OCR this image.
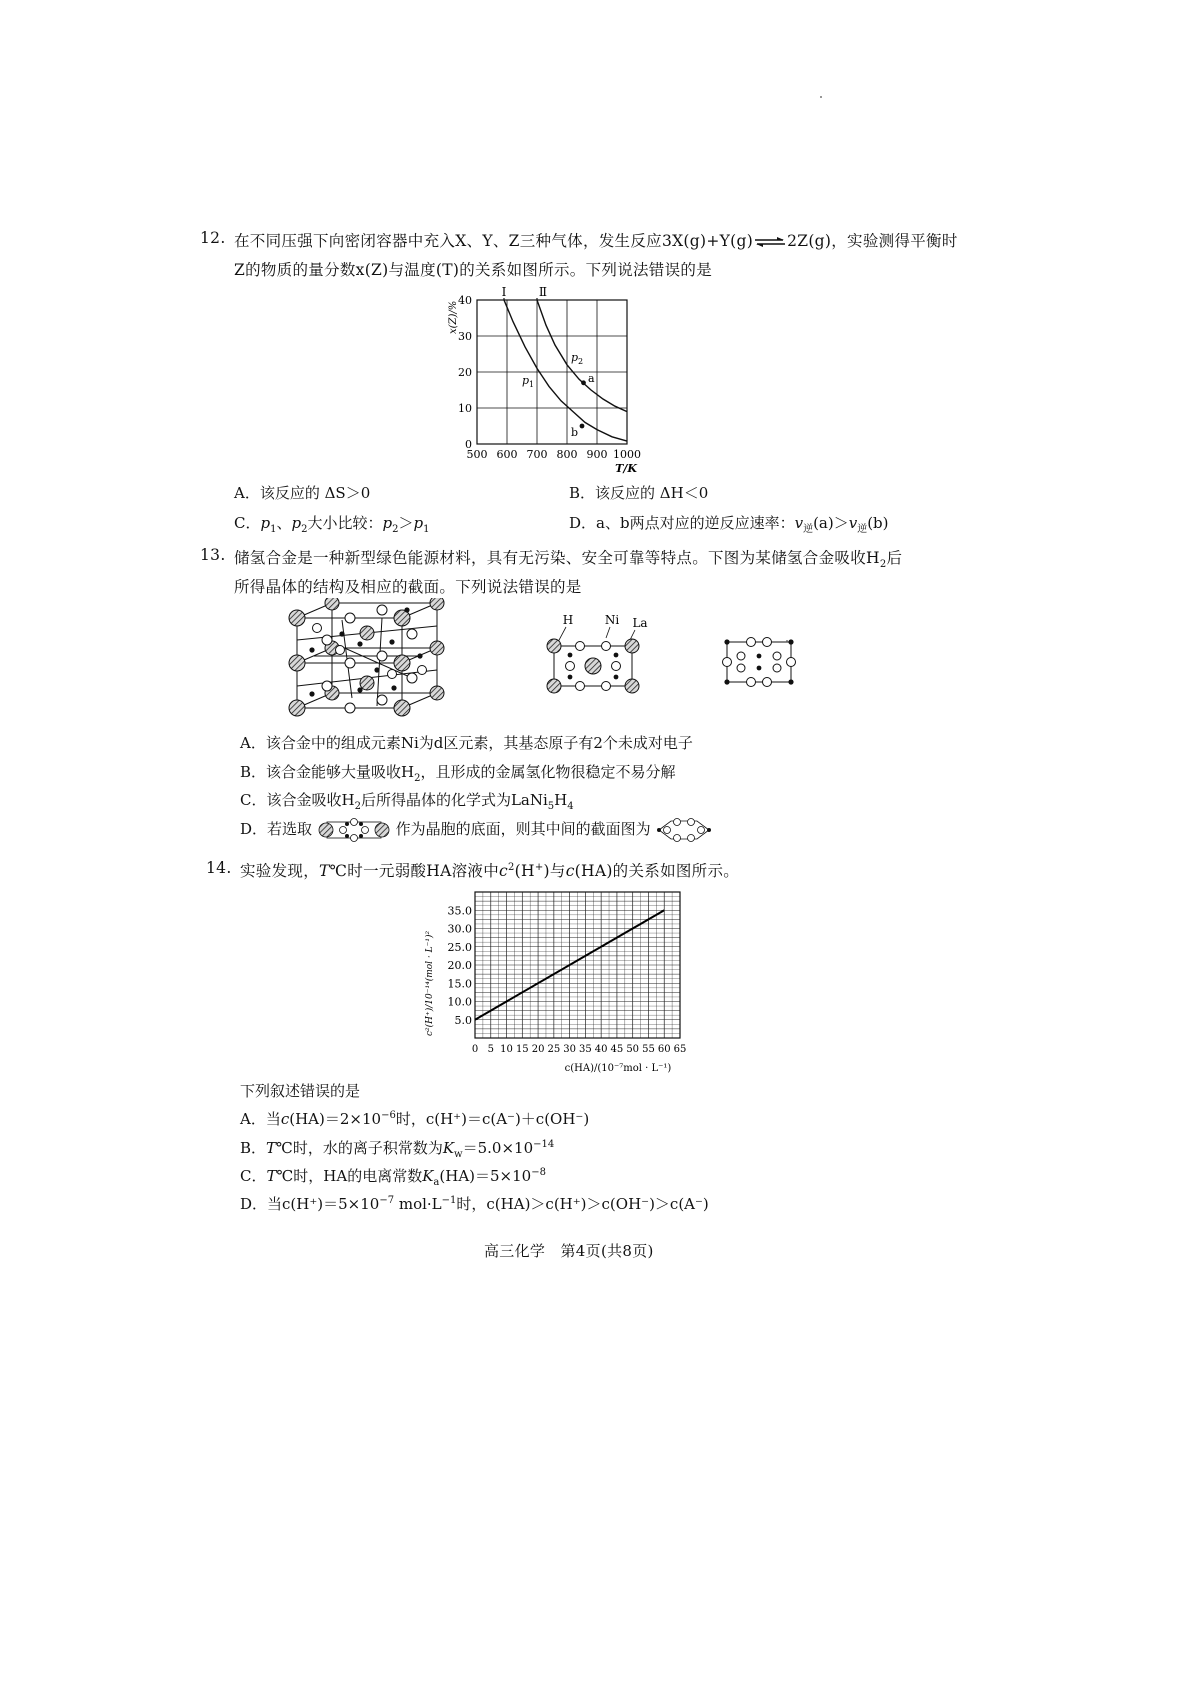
12. 在不同压强下向密闭容器中充入X、Y、Z三种气体，发生反应3X(g)+Y(g)⇌2Z(g)，实验测得平衡时
Z的物质的量分数x(Z)与温度(T)的关系如图所示。下列说法错误的是
x(Z)/%
0
10
20
30
40
500 600 700 800 900 1000
T/K
Ⅰ	Ⅱ
$p_1$
$p_2$
a
b
A．该反应的 ΔS＞0	B．该反应的 ΔH＜0
C．$p_1$、$p_2$大小比较：$p_2>p_1$	D．a、b两点对应的逆反应速率：$v_逆(a)>v_逆(b)$
13. 储氢合金是一种新型绿色能源材料，具有无污染、安全可靠等特点。下图为某储氢合金吸收$H_2$后
所得晶体的结构及相应的截面。下列说法错误的是
H	Ni La
A．该合金中的组成元素Ni为d区元素，其基态原子有2个未成对电子
B．该合金能够大量吸收$H_2$，且形成的金属氢化物很稳定不易分解
C．该合金吸收$H_2$后所得晶体的化学式为$LaNi_5H_4$
D．若选取	作为晶胞的底面，则其中间的截面图为
14. 实验发现，T℃时一元弱酸HA溶液中$c^2(H^+)$与c(HA)的关系如图所示。
c²(H⁺)/10⁻¹⁴(mol · L⁻¹)² 5.0
10.0
15.0
20.0
25.0
30.0
35.0
0 5 10 15 20 25 30 35 40 45 50 55 60 65
c(HA)/(10⁻⁷mol · L⁻¹)
下列叙述错误的是
A．当$c(HA)=2\times 10^{-6}$时，c(H⁺)＝c(A⁻)＋c(OH⁻)
B．T℃时，水的离子积常数为$K_w=5.0\times 10^{-14}$
C．T℃时，HA的电离常数$K_a(HA)=5\times 10^{-8}$
D．当$c(H^+)=5\times 10^{-7}$ $mol\cdot L^{-1}$时，c(HA)＞c(H⁺)＞c(OH⁻)＞c(A⁻)
高三化学　第4页(共8页)
